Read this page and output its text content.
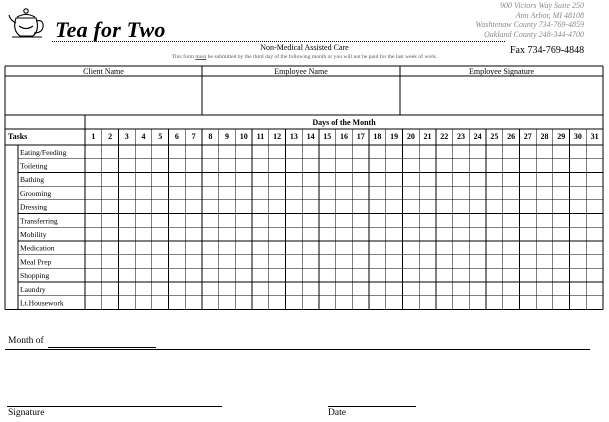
Tea for Two
900 Victors Way Suite 250
Ann Arbor, MI 48108
Washtenaw County 734-769-4859
Oakland County 248-344-4700
Fax 734-769-4848
Non-Medical Assisted Care
This form must be submitted by the third day of the following month or you will not be paid for the last week of work.
Client Name	Employee Name	Employee Signature
Days of the Month
Tasks	1 2 3 4 5 6 7 8 9 10 11 12 13 14 15 16 17 18 19 20 21 22 23 24 25 26 27 28 29 30 31
Eating/Feeding
Toileting
Bathing
Grooming
Dressing
Transferring
Mobility
Medication
Meal Prep
Shopping
Laundry
Lt.Housework
Month of
Signature	Date
